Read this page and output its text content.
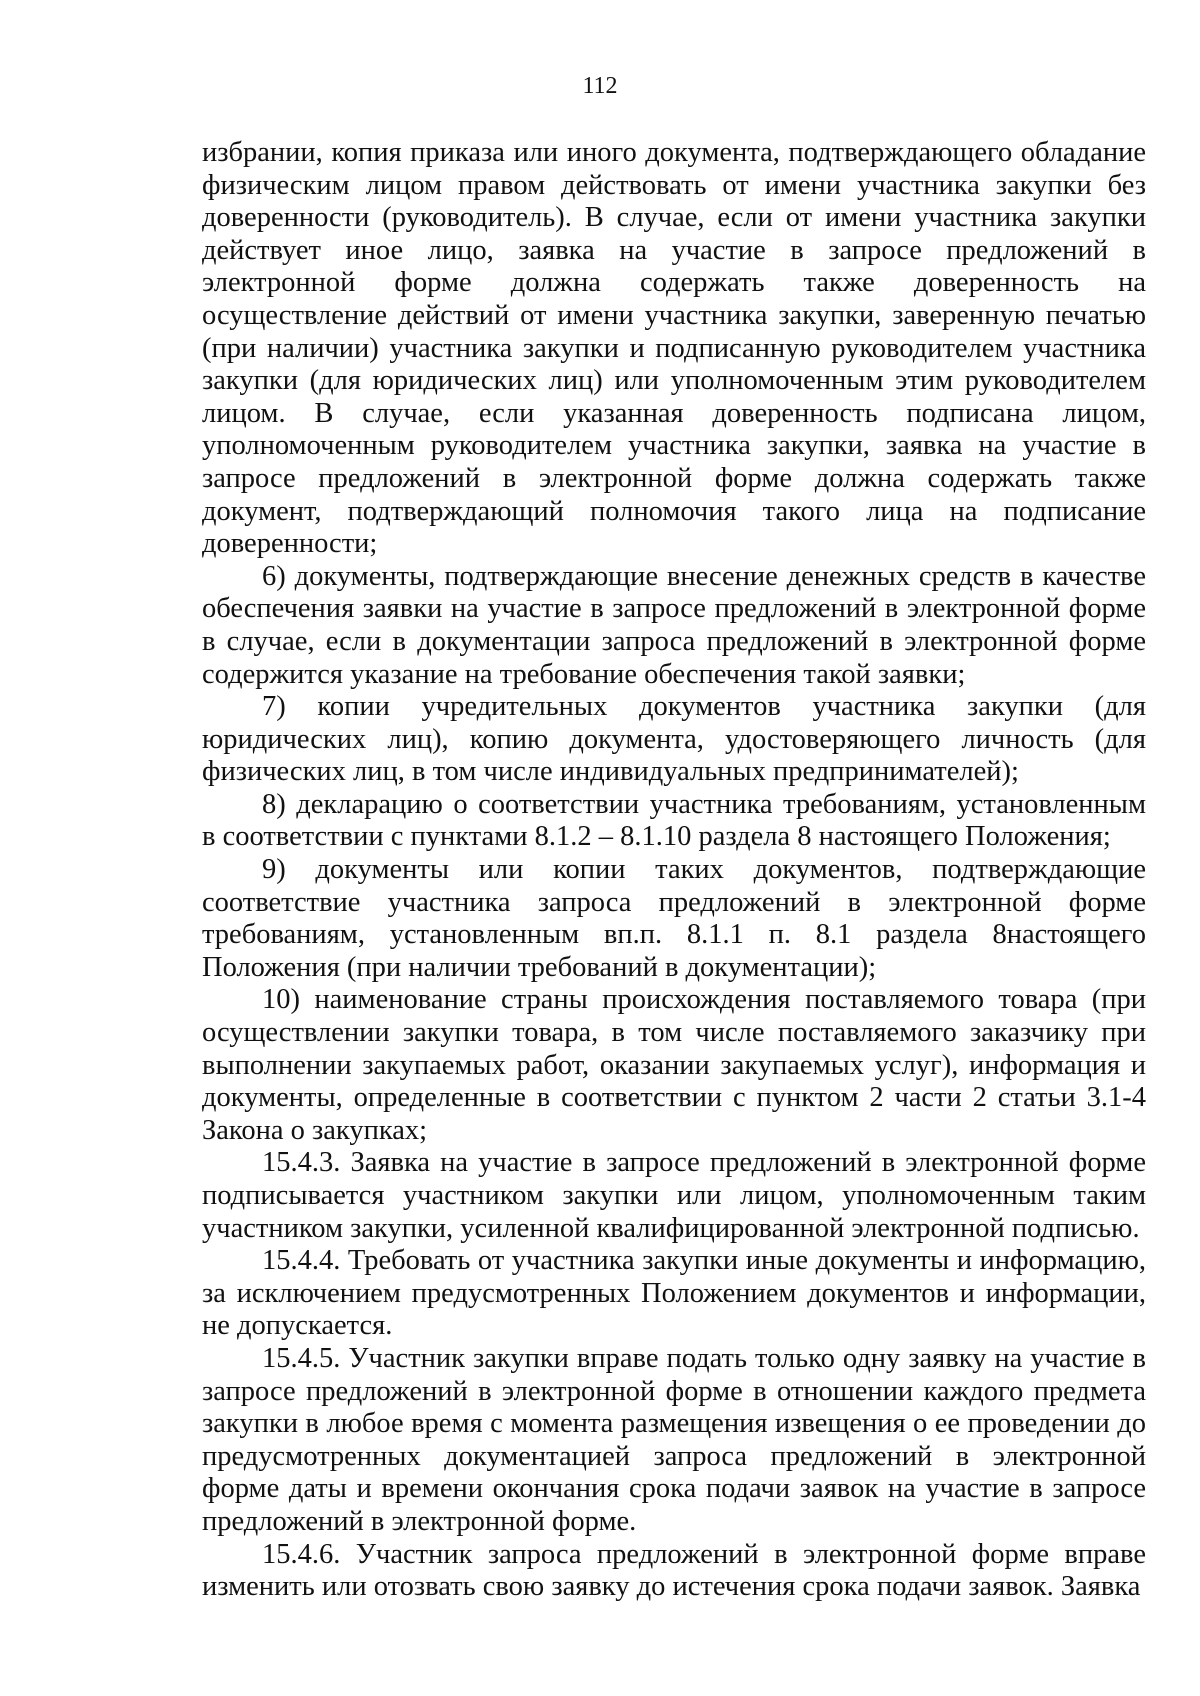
112

избрании, копия приказа или иного документа, подтверждающего обладание физическим лицом правом действовать от имени участника закупки без доверенности (руководитель). В случае, если от имени участника закупки действует иное лицо, заявка на участие в запросе предложений в электронной форме должна содержать также доверенность на осуществление действий от имени участника закупки, заверенную печатью (при наличии) участника закупки и подписанную руководителем участника закупки (для юридических лиц) или уполномоченным этим руководителем лицом. В случае, если указанная доверенность подписана лицом, уполномоченным руководителем участника закупки, заявка на участие в запросе предложений в электронной форме должна содержать также документ, подтверждающий полномочия такого лица на подписание доверенности;

6) документы, подтверждающие внесение денежных средств в качестве обеспечения заявки на участие в запросе предложений в электронной форме в случае, если в документации запроса предложений в электронной форме содержится указание на требование обеспечения такой заявки;

7) копии учредительных документов участника закупки (для юридических лиц), копию документа, удостоверяющего личность (для физических лиц, в том числе индивидуальных предпринимателей);

8) декларацию о соответствии участника требованиям, установленным в соответствии с пунктами 8.1.2 – 8.1.10 раздела 8 настоящего Положения;

9) документы или копии таких документов, подтверждающие соответствие участника запроса предложений в электронной форме требованиям, установленным вп.п. 8.1.1 п. 8.1 раздела 8настоящего Положения (при наличии требований в документации);

10) наименование страны происхождения поставляемого товара (при осуществлении закупки товара, в том числе поставляемого заказчику при выполнении закупаемых работ, оказании закупаемых услуг), информация и документы, определенные в соответствии с пунктом 2 части 2 статьи 3.1-4 Закона о закупках;

15.4.3. Заявка на участие в запросе предложений в электронной форме подписывается участником закупки или лицом, уполномоченным таким участником закупки, усиленной квалифицированной электронной подписью.

15.4.4. Требовать от участника закупки иные документы и информацию, за исключением предусмотренных Положением документов и информации, не допускается.

15.4.5. Участник закупки вправе подать только одну заявку на участие в запросе предложений в электронной форме в отношении каждого предмета закупки в любое время с момента размещения извещения о ее проведении до предусмотренных документацией запроса предложений в электронной форме даты и времени окончания срока подачи заявок на участие в запросе предложений в электронной форме.

15.4.6. Участник запроса предложений в электронной форме вправе изменить или отозвать свою заявку до истечения срока подачи заявок. Заявка
